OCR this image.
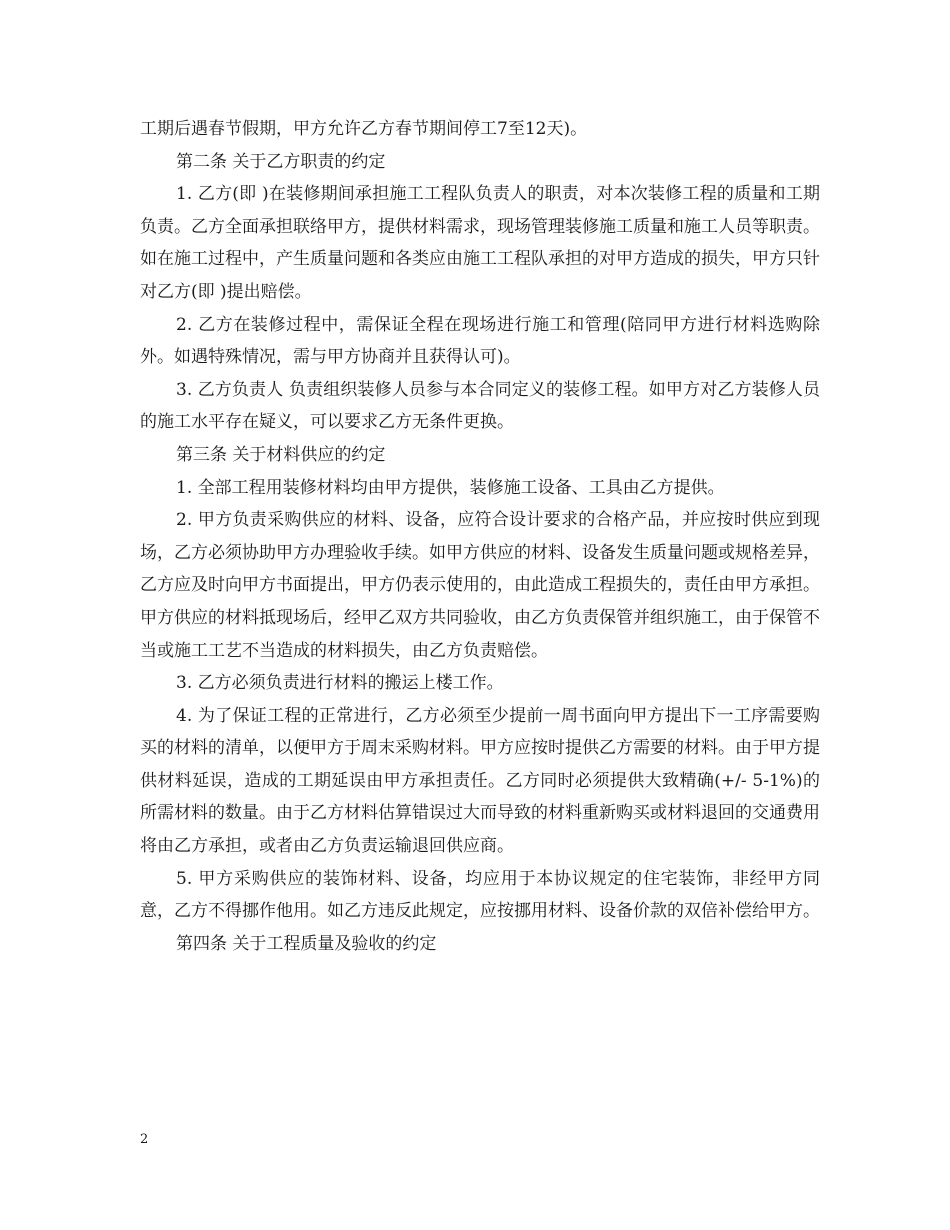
工期后遇春节假期，甲方允许乙方春节期间停工7至12天)。

第二条 关于乙方职责的约定

1. 乙方(即 )在装修期间承担施工工程队负责人的职责，对本次装修工程的质量和工期负责。乙方全面承担联络甲方，提供材料需求，现场管理装修施工质量和施工人员等职责。如在施工过程中，产生质量问题和各类应由施工工程队承担的对甲方造成的损失，甲方只针对乙方(即 )提出赔偿。

2. 乙方在装修过程中，需保证全程在现场进行施工和管理(陪同甲方进行材料选购除外。如遇特殊情况，需与甲方协商并且获得认可)。

3. 乙方负责人 负责组织装修人员参与本合同定义的装修工程。如甲方对乙方装修人员的施工水平存在疑义，可以要求乙方无条件更换。

第三条 关于材料供应的约定

1. 全部工程用装修材料均由甲方提供，装修施工设备、工具由乙方提供。

2. 甲方负责采购供应的材料、设备，应符合设计要求的合格产品，并应按时供应到现场，乙方必须协助甲方办理验收手续。如甲方供应的材料、设备发生质量问题或规格差异，乙方应及时向甲方书面提出，甲方仍表示使用的，由此造成工程损失的，责任由甲方承担。甲方供应的材料抵现场后，经甲乙双方共同验收，由乙方负责保管并组织施工，由于保管不当或施工工艺不当造成的材料损失，由乙方负责赔偿。

3. 乙方必须负责进行材料的搬运上楼工作。

4. 为了保证工程的正常进行，乙方必须至少提前一周书面向甲方提出下一工序需要购买的材料的清单，以便甲方于周末采购材料。甲方应按时提供乙方需要的材料。由于甲方提供材料延误，造成的工期延误由甲方承担责任。乙方同时必须提供大致精确(+/- 5-1%)的所需材料的数量。由于乙方材料估算错误过大而导致的材料重新购买或材料退回的交通费用将由乙方承担，或者由乙方负责运输退回供应商。

5. 甲方采购供应的装饰材料、设备，均应用于本协议规定的住宅装饰，非经甲方同意，乙方不得挪作他用。如乙方违反此规定，应按挪用材料、设备价款的双倍补偿给甲方。

第四条 关于工程质量及验收的约定

2
